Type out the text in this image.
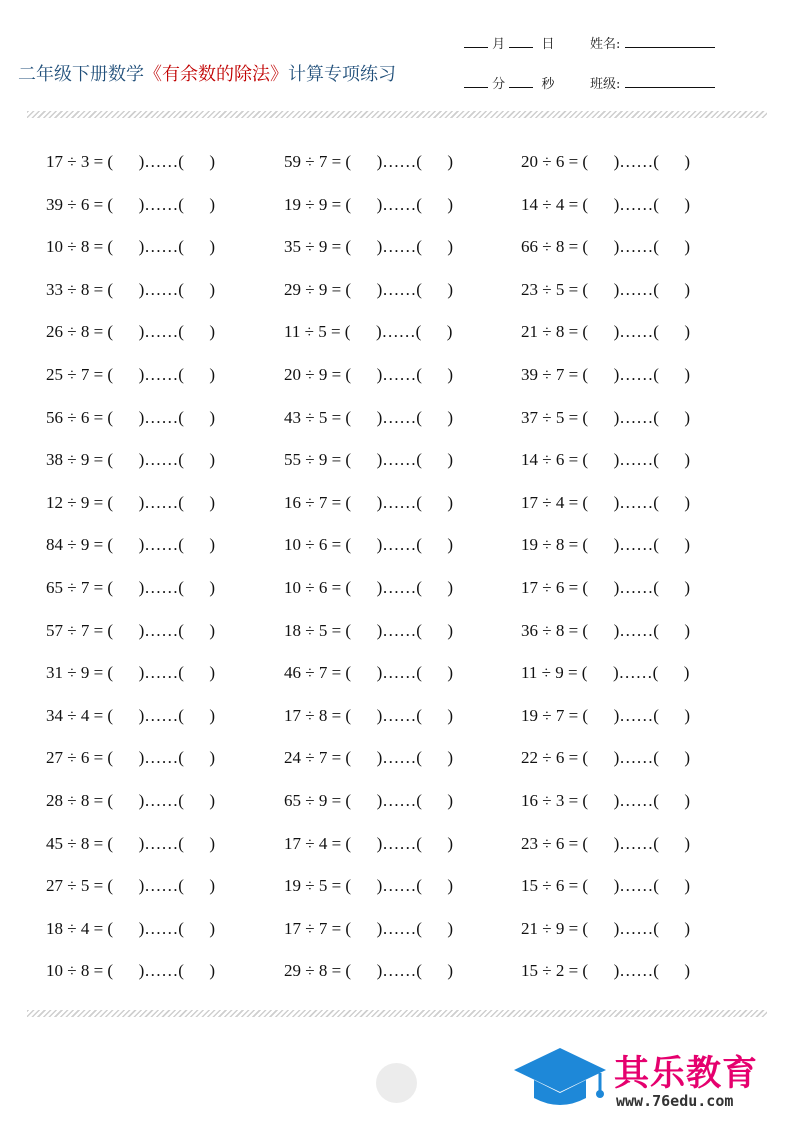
二年级下册数学《有余数的除法》计算专项练习
月	日	姓名:
分	秒	班级:
17 ÷ 3 = (      )……(      )	59 ÷ 7 = (      )……(      )	20 ÷ 6 = (      )……(      )
39 ÷ 6 = (      )……(      )	19 ÷ 9 = (      )……(      )	14 ÷ 4 = (      )……(      )
10 ÷ 8 = (      )……(      )	35 ÷ 9 = (      )……(      )	66 ÷ 8 = (      )……(      )
33 ÷ 8 = (      )……(      )	29 ÷ 9 = (      )……(      )	23 ÷ 5 = (      )……(      )
26 ÷ 8 = (      )……(      )	11 ÷ 5 = (      )……(      )	21 ÷ 8 = (      )……(      )
25 ÷ 7 = (      )……(      )	20 ÷ 9 = (      )……(      )	39 ÷ 7 = (      )……(      )
56 ÷ 6 = (      )……(      )	43 ÷ 5 = (      )……(      )	37 ÷ 5 = (      )……(      )
38 ÷ 9 = (      )……(      )	55 ÷ 9 = (      )……(      )	14 ÷ 6 = (      )……(      )
12 ÷ 9 = (      )……(      )	16 ÷ 7 = (      )……(      )	17 ÷ 4 = (      )……(      )
84 ÷ 9 = (      )……(      )	10 ÷ 6 = (      )……(      )	19 ÷ 8 = (      )……(      )
65 ÷ 7 = (      )……(      )	10 ÷ 6 = (      )……(      )	17 ÷ 6 = (      )……(      )
57 ÷ 7 = (      )……(      )	18 ÷ 5 = (      )……(      )	36 ÷ 8 = (      )……(      )
31 ÷ 9 = (      )……(      )	46 ÷ 7 = (      )……(      )	11 ÷ 9 = (      )……(      )
34 ÷ 4 = (      )……(      )	17 ÷ 8 = (      )……(      )	19 ÷ 7 = (      )……(      )
27 ÷ 6 = (      )……(      )	24 ÷ 7 = (      )……(      )	22 ÷ 6 = (      )……(      )
28 ÷ 8 = (      )……(      )	65 ÷ 9 = (      )……(      )	16 ÷ 3 = (      )……(      )
45 ÷ 8 = (      )……(      )	17 ÷ 4 = (      )……(      )	23 ÷ 6 = (      )……(      )
27 ÷ 5 = (      )……(      )	19 ÷ 5 = (      )……(      )	15 ÷ 6 = (      )……(      )
18 ÷ 4 = (      )……(      )	17 ÷ 7 = (      )……(      )	21 ÷ 9 = (      )……(      )
10 ÷ 8 = (      )……(      )	29 ÷ 8 = (      )……(      )	15 ÷ 2 = (      )……(      )
其乐教育
www.76edu.com
